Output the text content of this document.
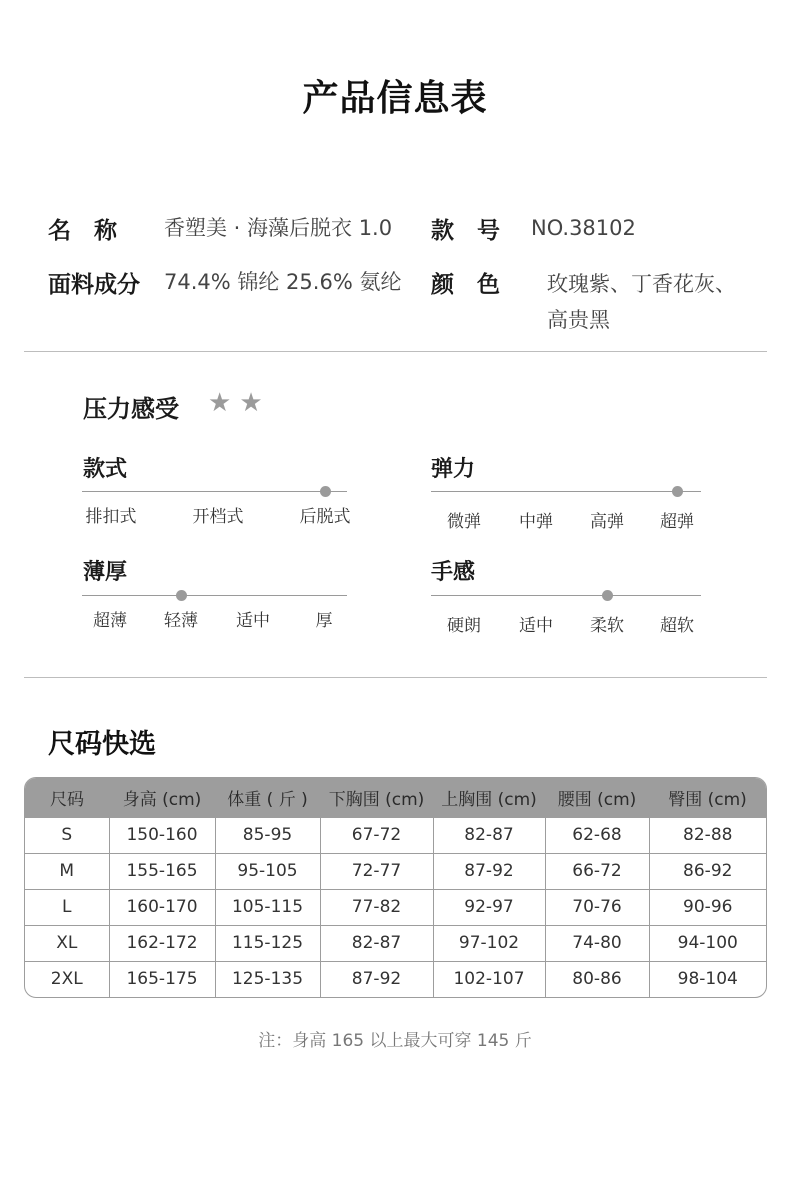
产品信息表
名　称 香塑美 · 海藻后脱衣 1.0 款　号 NO.38102
面料成分 74.4% 锦纶 25.6% 氨纶 颜　色 玫瑰紫、丁香花灰、
高贵黑
压力感受 ★ ★
款式
排扣式	开档式	后脱式
弹力
微弹 中弹 高弹 超弹
薄厚
超薄 轻薄 适中	厚
手感
硬朗 适中 柔软 超软
尺码快选
尺码	身高 (cm)	体重 ( 斤 )	下胸围 (cm)	上胸围 (cm)	腰围 (cm)	臀围 (cm)
S	150-160	85-95	67-72	82-87	62-68	82-88
M	155-165	95-105	72-77	87-92	66-72	86-92
L	160-170	105-115	77-82	92-97	70-76	90-96
XL	162-172	115-125	82-87	97-102	74-80	94-100
2XL	165-175	125-135	87-92	102-107	80-86	98-104
注：身高 165 以上最大可穿 145 斤
